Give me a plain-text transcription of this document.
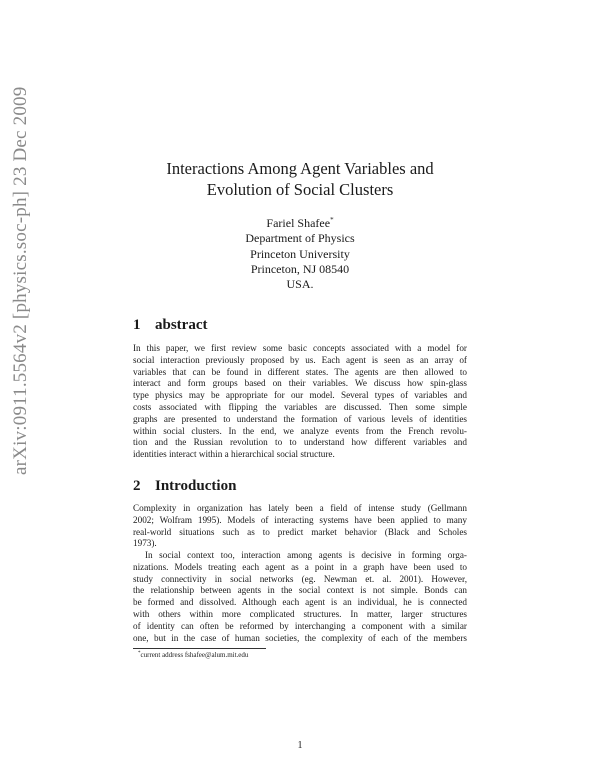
arXiv:0911.5564v2 [physics.soc-ph] 23 Dec 2009	Interactions Among Agent Variables and
Evolution of Social Clusters
Fariel Shafee*
Department of Physics
Princeton University
Princeton, NJ 08540
USA.
1 abstract
In this paper, we first review some basic concepts associated with a model for
social interaction previously proposed by us. Each agent is seen as an array of
variables that can be found in different states. The agents are then allowed to
interact and form groups based on their variables. We discuss how spin-glass
type physics may be appropriate for our model. Several types of variables and
costs associated with flipping the variables are discussed. Then some simple
graphs are presented to understand the formation of various levels of identities
within social clusters. In the end, we analyze events from the French revolu-
tion and the Russian revolution to to understand how different variables and
identities interact within a hierarchical social structure.
2 Introduction
Complexity in organization has lately been a field of intense study (Gellmann
2002; Wolfram 1995). Models of interacting systems have been applied to many
real-world situations such as to predict market behavior (Black and Scholes
1973).
In social context too, interaction among agents is decisive in forming orga-
nizations. Models treating each agent as a point in a graph have been used to
study connectivity in social networks (eg. Newman et. al. 2001). However,
the relationship between agents in the social context is not simple. Bonds can
be formed and dissolved. Although each agent is an individual, he is connected
with others within more complicated structures. In matter, larger structures
of identity can often be reformed by interchanging a component with a similar
one, but in the case of human societies, the complexity of each of the members
*current address fshafee@alum.mit.edu
1
